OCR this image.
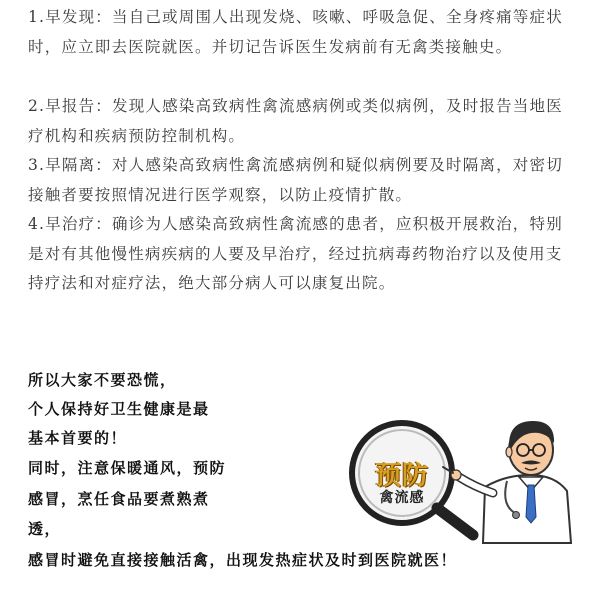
1.早发现：当自己或周围人出现发烧、咳嗽、呼吸急促、全身疼痛等症状时，应立即去医院就医。并切记告诉医生发病前有无禽类接触史。
2.早报告：发现人感染高致病性禽流感病例或类似病例，及时报告当地医疗机构和疾病预防控制机构。
3.早隔离：对人感染高致病性禽流感病例和疑似病例要及时隔离，对密切接触者要按照情况进行医学观察，以防止疫情扩散。
4.早治疗：确诊为人感染高致病性禽流感的患者，应积极开展救治，特别是对有其他慢性病疾病的人要及早治疗，经过抗病毒药物治疗以及使用支持疗法和对症疗法，绝大部分病人可以康复出院。
所以大家不要恐慌，
个人保持好卫生健康是最
基本首要的！
同时，注意保暖通风，预防
感冒，烹任食品要煮熟煮
透，
感冒时避免直接接触活禽，出现发热症状及时到医院就医！
预防
禽流感
